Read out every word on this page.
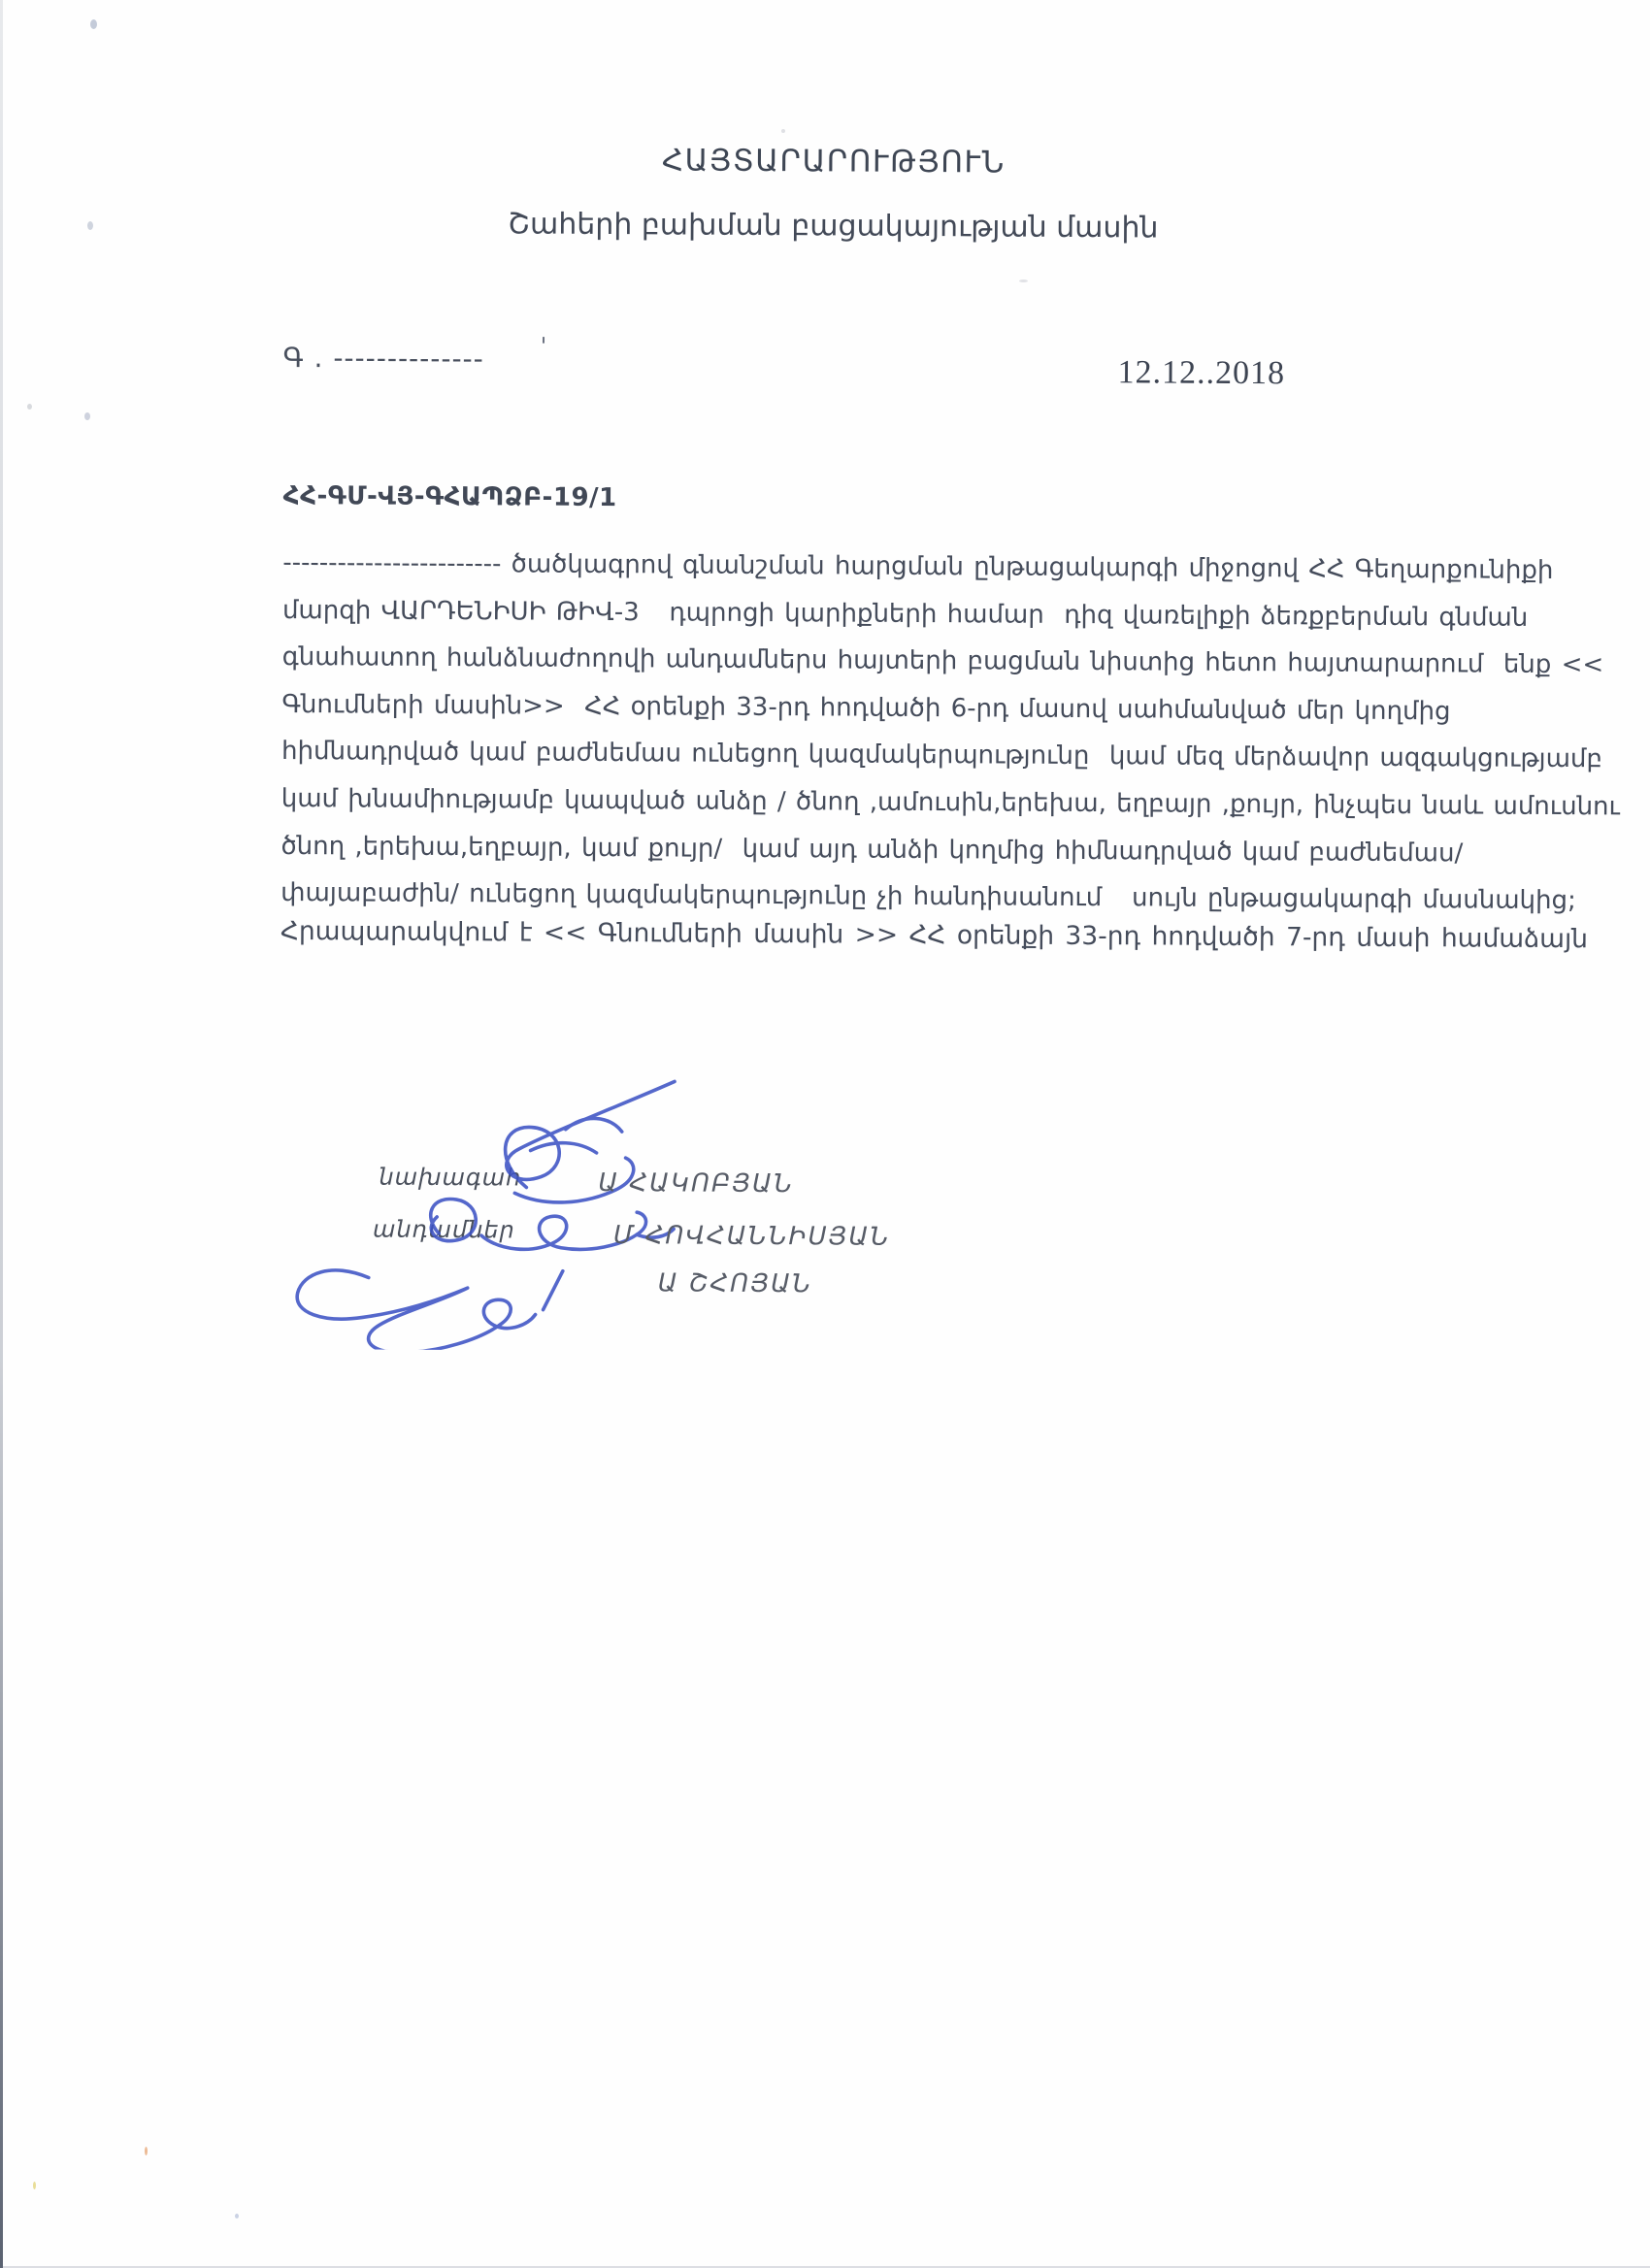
ՀԱՅՏԱՐԱՐՈՒԹՅՈՒՆ
Շահերի բախման բացակայության մասին
Գ . -------------- '
12.12..2018
ՀՀ-ԳՄ-ՎՅ-ԳՀԱՊՁԲ-19/1
------------------------ ծածկագրով գնանշման հարցման ընթացակարգի միջոցով ՀՀ Գեղարքունիքի
մարզի ՎԱՐԴԵՆԻՍԻ ԹԻՎ-3   դպրոցի կարիքների համար  դիզ վառելիքի ձեռքբերման գնման
գնահատող հանձնաժողովի անդամներս հայտերի բացման նիստից հետո հայտարարում  ենք <<
Գնումների մասին>>  ՀՀ օրենքի 33-րդ հոդվածի 6-րդ մասով սահմանված մեր կողմից
հիմնադրված կամ բաժնեմաս ունեցող կազմակերպությունը  կամ մեզ մերձավոր ազգակցությամբ
կամ խնամիությամբ կապված անձը / ծնող ,ամուսին,երեխա, եղբայր ,քույր, ինչպես նաև ամուսնու
ծնող ,երեխա,եղբայր, կամ քույր/  կամ այդ անձի կողմից հիմնադրված կամ բաժնեմաս/
փայաբաժին/ ունեցող կազմակերպությունը չի հանդիսանում   սույն ընթացակարգի մասնակից;
Հրապարակվում է << Գնումների մասին >> ՀՀ օրենքի 33-րդ հոդվածի 7-րդ մասի համաձայն
նախագահ
անդամներ
Ա ՀԱԿՈԲՅԱՆ
Մ ՀՈՎՀԱՆՆԻՍՅԱՆ
Ա ՇՀՈՅԱՆ
